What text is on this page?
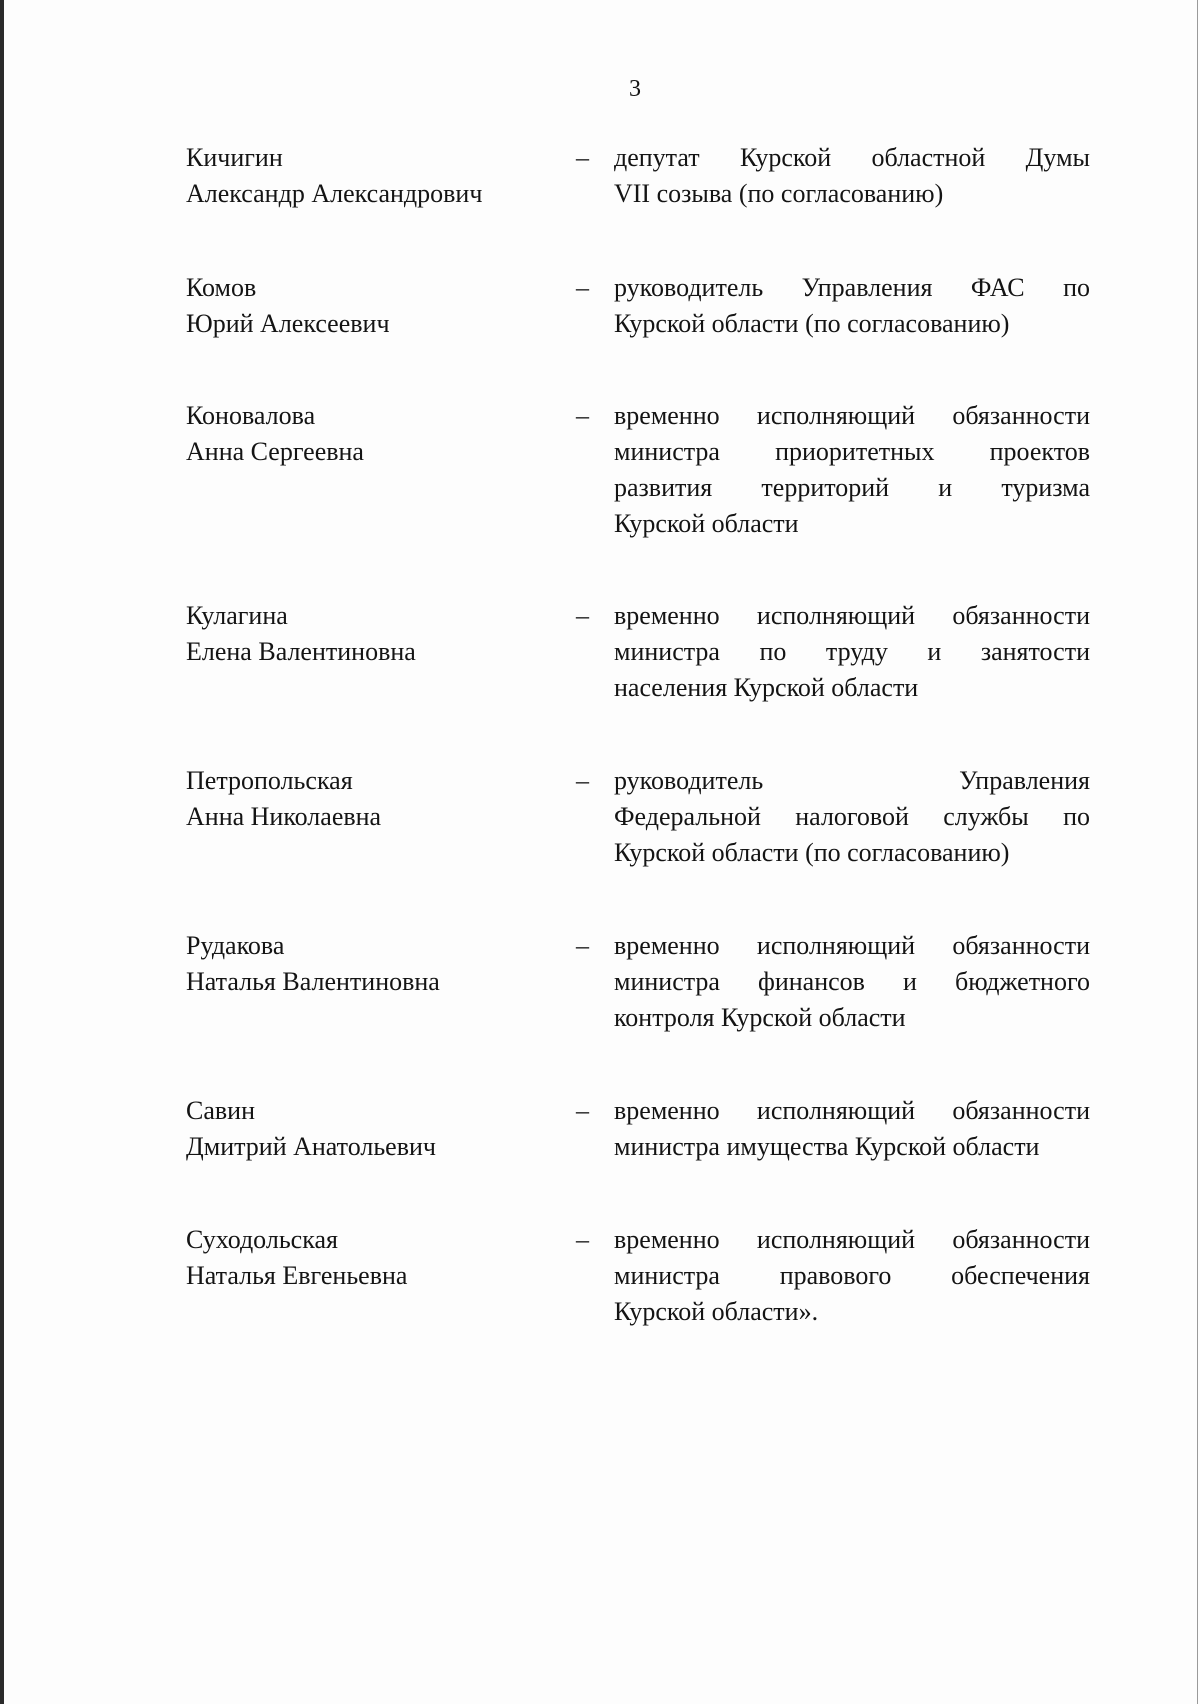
3
Кичигин
Александр Александрович
– депутат Курской областной Думы
VII созыва (по согласованию)
Комов
Юрий Алексеевич
– руководитель Управления ФАС по
Курской области (по согласованию)
Коновалова
Анна Сергеевна
– временно исполняющий обязанности
министра приоритетных проектов
развития территорий и туризма
Курской области
Кулагина
Елена Валентиновна
– временно исполняющий обязанности
министра по труду и занятости
населения Курской области
Петропольская
Анна Николаевна
– руководитель Управления
Федеральной налоговой службы по
Курской области (по согласованию)
Рудакова
Наталья Валентиновна
– временно исполняющий обязанности
министра финансов и бюджетного
контроля Курской области
Савин
Дмитрий Анатольевич
– временно исполняющий обязанности
министра имущества Курской области
Суходольская
Наталья Евгеньевна
– временно исполняющий обязанности
министра правового обеспечения
Курской области».
